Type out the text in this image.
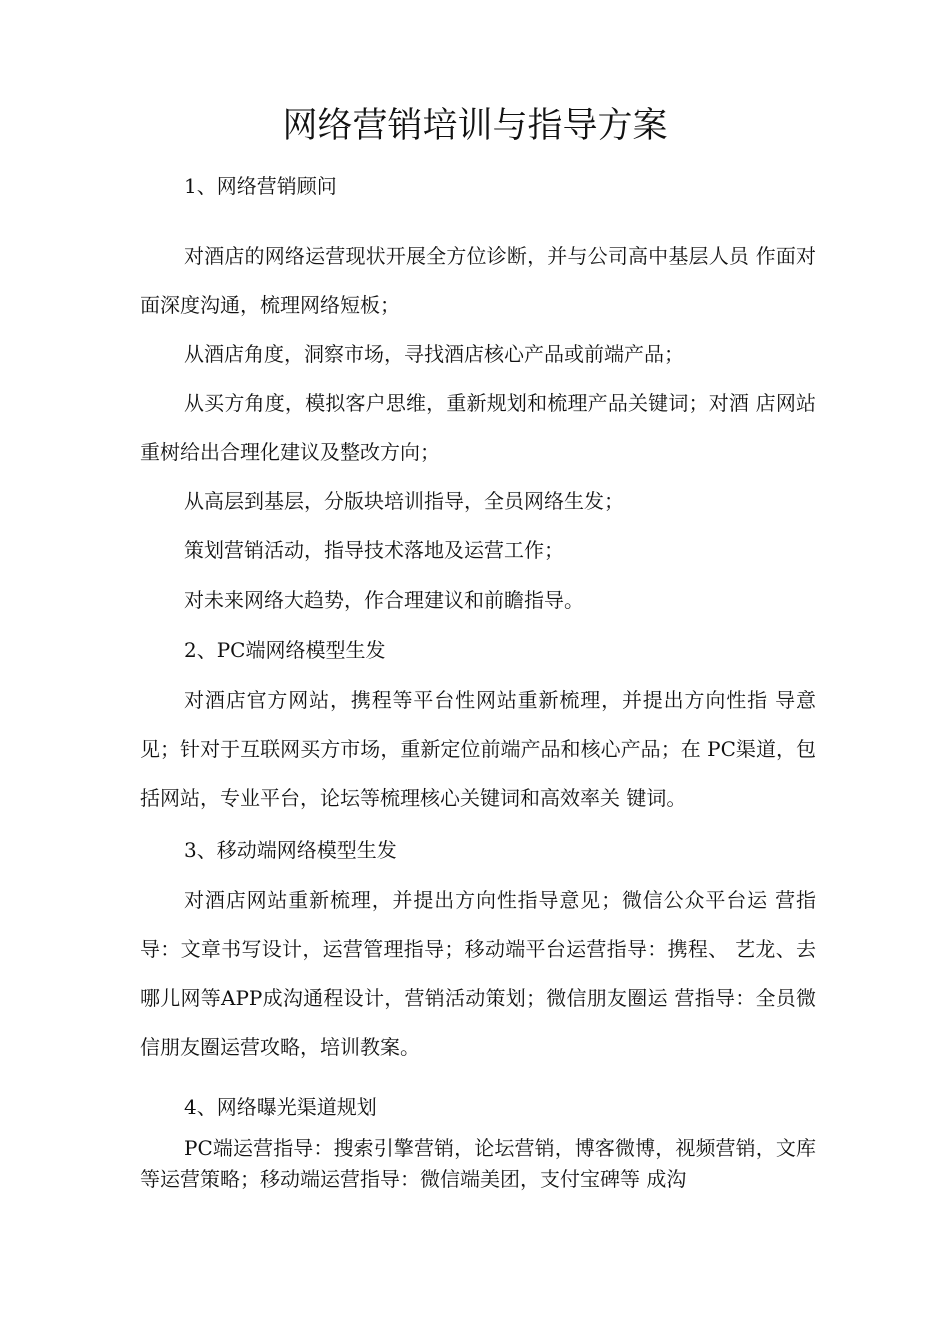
网络营销培训与指导方案
1、网络营销顾问

对酒店的网络运营现状开展全方位诊断，并与公司高中基层人员 作面对面深度沟通，梳理网络短板；

从酒店角度，洞察市场，寻找酒店核心产品或前端产品；

从买方角度，模拟客户思维，重新规划和梳理产品关键词；对酒 店网站重树给出合理化建议及整改方向；

从高层到基层，分版块培训指导，全员网络生发；

策划营销活动，指导技术落地及运营工作；

对未来网络大趋势，作合理建议和前瞻指导。

2、PC端网络模型生发

对酒店官方网站，携程等平台性网站重新梳理，并提出方向性指 导意见；针对于互联网买方市场，重新定位前端产品和核心产品；在 PC渠道，包括网站，专业平台，论坛等梳理核心关键词和高效率关 键词。

3、移动端网络模型生发

对酒店网站重新梳理，并提出方向性指导意见；微信公众平台运 营指导：文章书写设计，运营管理指导；移动端平台运营指导：携程、 艺龙、去哪儿网等APP成沟通程设计，营销活动策划；微信朋友圈运 营指导：全员微信朋友圈运营攻略，培训教案。

4、网络曝光渠道规划

PC端运营指导：搜索引擎营销，论坛营销，博客微博，视频营销，文库等运营策略；移动端运营指导：微信端美团，支付宝碑等 成沟
